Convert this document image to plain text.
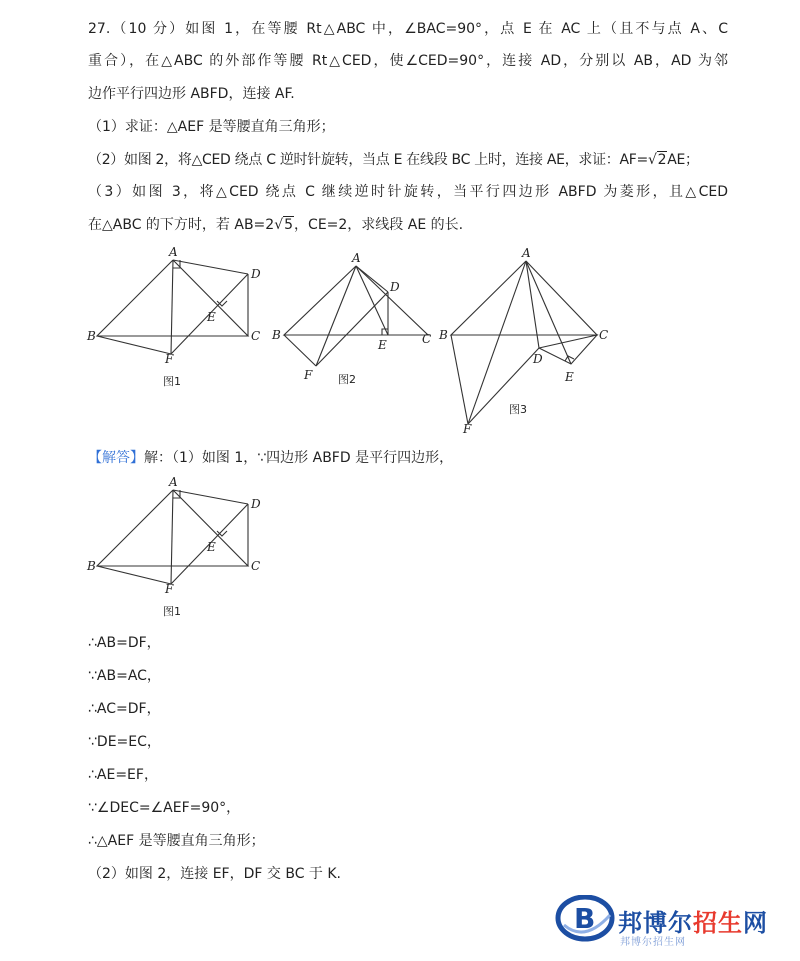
27.（10 分）如图 1，在等腰 Rt△ABC 中，∠BAC=90°，点 E 在 AC 上（且不与点 A、C
重合），在△ABC 的外部作等腰 Rt△CED，使∠CED=90°，连接 AD，分别以 AB，AD 为邻
边作平行四边形 ABFD，连接 AF.
（1）求证：△AEF 是等腰直角三角形；
（2）如图 2，将△CED 绕点 C 逆时针旋转，当点 E 在线段 BC 上时，连接 AE，求证：AF=√2AE；
（3）如图 3，将△CED 绕点 C 继续逆时针旋转，当平行四边形 ABFD 为菱形，且△CED
在△ABC 的下方时，若 AB=2√5，CE=2，求线段 AE 的长.
A
B	C
D
E
F
图1
A
B	C
D
E
F 图2
A
B	C
D
E
F
图3
【解答】解：（1）如图 1，∵四边形 ABFD 是平行四边形，
A
B	C
D
E
F
图1
∴AB=DF，
∵AB=AC，
∴AC=DF，
∵DE=EC，
∴AE=EF，
∵∠DEC=∠AEF=90°，
∴△AEF 是等腰直角三角形；
（2）如图 2，连接 EF，DF 交 BC 于 K.
B 邦博尔招生网
邦博尔招生网
